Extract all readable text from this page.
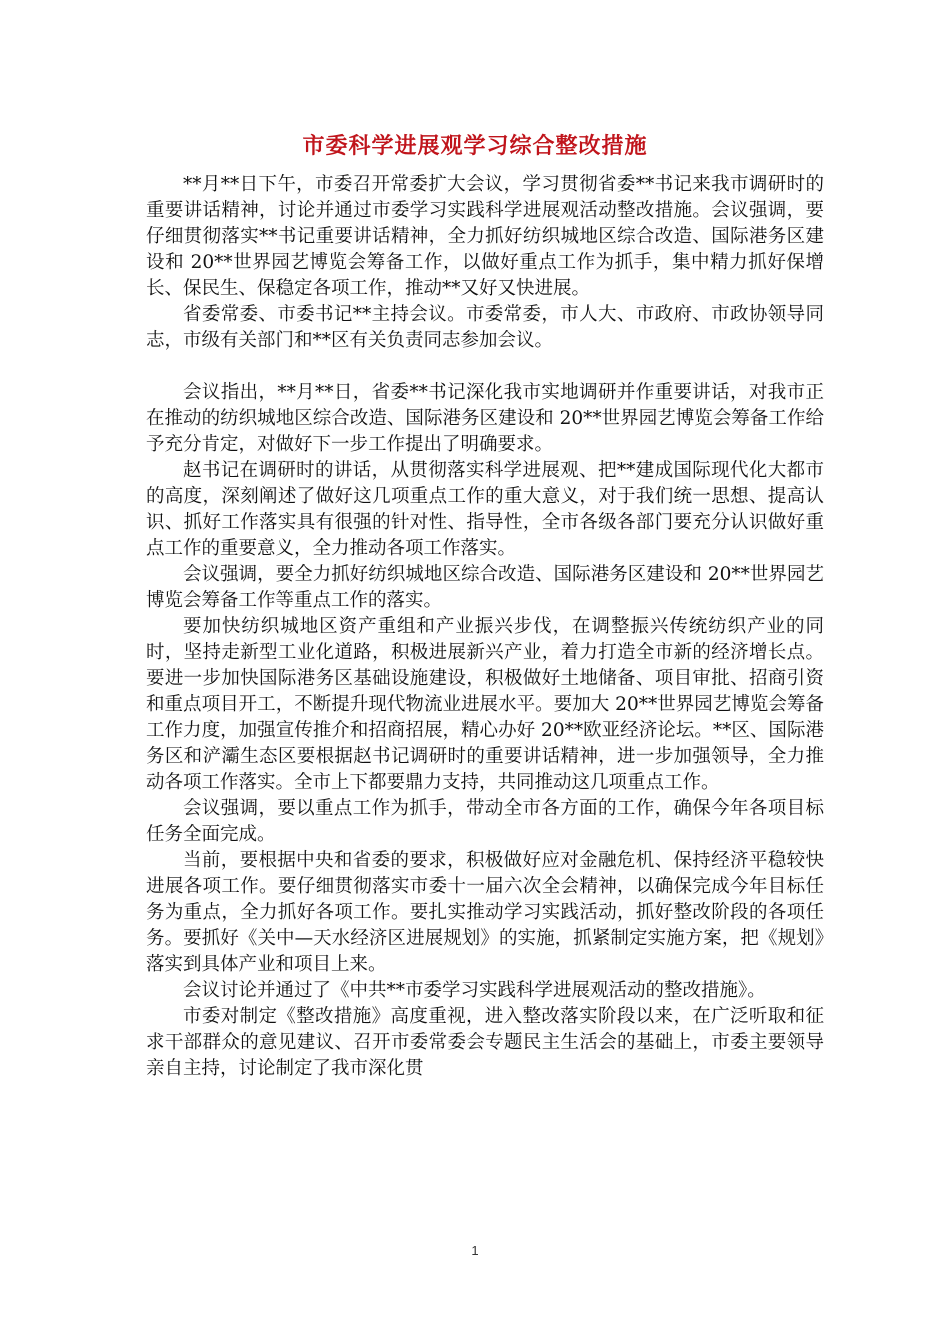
市委科学进展观学习综合整改措施

**月**日下午，市委召开常委扩大会议，学习贯彻省委**书记来我市调研时的重要讲话精神，讨论并通过市委学习实践科学进展观活动整改措施。会议强调，要仔细贯彻落实**书记重要讲话精神，全力抓好纺织城地区综合改造、国际港务区建设和 20**世界园艺博览会筹备工作，以做好重点工作为抓手，集中精力抓好保增长、保民生、保稳定各项工作，推动**又好又快进展。

省委常委、市委书记**主持会议。市委常委，市人大、市政府、市政协领导同志，市级有关部门和**区有关负责同志参加会议。

会议指出，**月**日，省委**书记深化我市实地调研并作重要讲话，对我市正在推动的纺织城地区综合改造、国际港务区建设和 20**世界园艺博览会筹备工作给予充分肯定，对做好下一步工作提出了明确要求。

赵书记在调研时的讲话，从贯彻落实科学进展观、把**建成国际现代化大都市的高度，深刻阐述了做好这几项重点工作的重大意义，对于我们统一思想、提高认识、抓好工作落实具有很强的针对性、指导性，全市各级各部门要充分认识做好重点工作的重要意义，全力推动各项工作落实。

会议强调，要全力抓好纺织城地区综合改造、国际港务区建设和 20**世界园艺博览会筹备工作等重点工作的落实。

要加快纺织城地区资产重组和产业振兴步伐，在调整振兴传统纺织产业的同时，坚持走新型工业化道路，积极进展新兴产业，着力打造全市新的经济增长点。要进一步加快国际港务区基础设施建设，积极做好土地储备、项目审批、招商引资和重点项目开工，不断提升现代物流业进展水平。要加大 20**世界园艺博览会筹备工作力度，加强宣传推介和招商招展，精心办好 20**欧亚经济论坛。**区、国际港务区和浐灞生态区要根据赵书记调研时的重要讲话精神，进一步加强领导，全力推动各项工作落实。全市上下都要鼎力支持，共同推动这几项重点工作。

会议强调，要以重点工作为抓手，带动全市各方面的工作，确保今年各项目标任务全面完成。

当前，要根据中央和省委的要求，积极做好应对金融危机、保持经济平稳较快进展各项工作。要仔细贯彻落实市委十一届六次全会精神，以确保完成今年目标任务为重点，全力抓好各项工作。要扎实推动学习实践活动，抓好整改阶段的各项任务。要抓好《关中—天水经济区进展规划》的实施，抓紧制定实施方案，把《规划》落实到具体产业和项目上来。

会议讨论并通过了《中共**市委学习实践科学进展观活动的整改措施》。

市委对制定《整改措施》高度重视，进入整改落实阶段以来，在广泛听取和征求干部群众的意见建议、召开市委常委会专题民主生活会的基础上，市委主要领导亲自主持，讨论制定了我市深化贯

1
